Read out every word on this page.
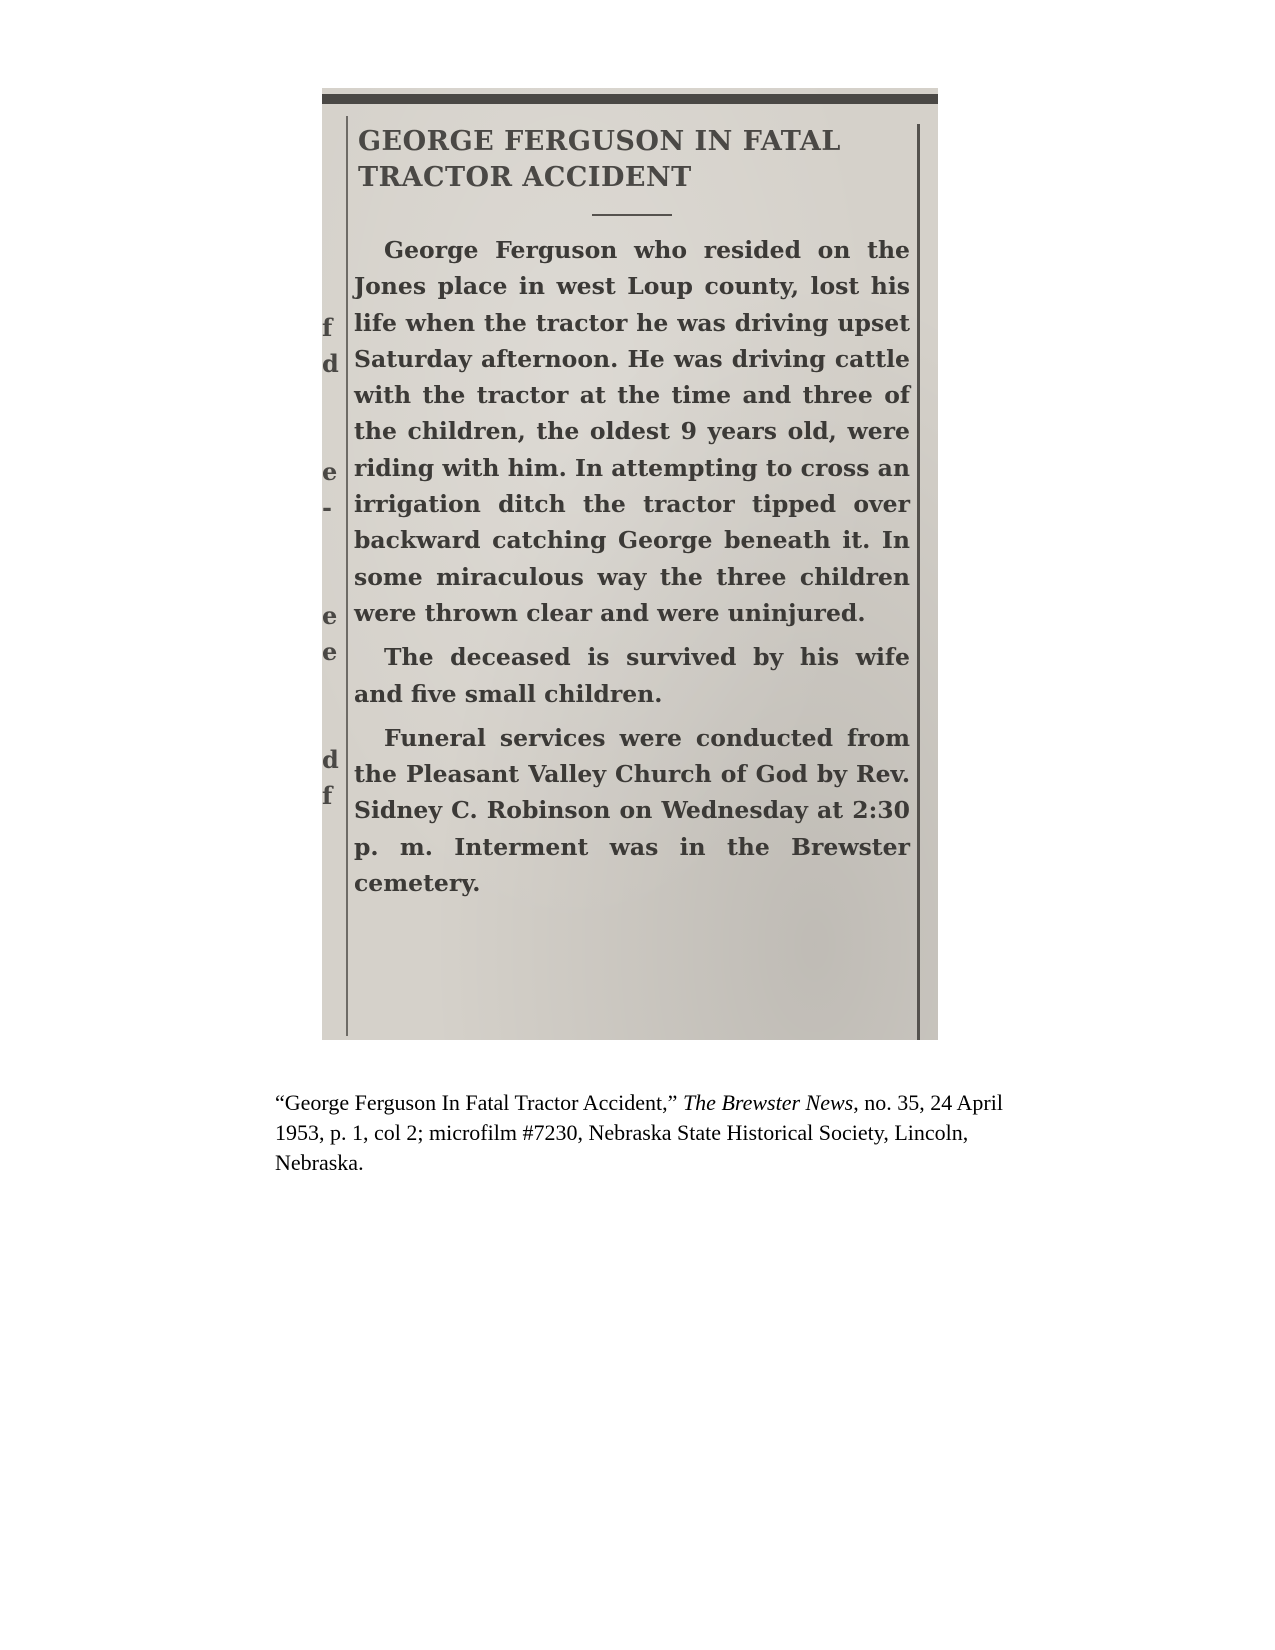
f
d

e
-

e
e

d
f

GEORGE FERGUSON IN FATAL TRACTOR ACCIDENT

George Ferguson who resided on the Jones place in west Loup county, lost his life when the tractor he was driving upset Saturday afternoon. He was driving cattle with the tractor at the time and three of the children, the oldest 9 years old, were riding with him. In attempting to cross an irrigation ditch the tractor tipped over backward catching George beneath it. In some miraculous way the three children were thrown clear and were uninjured.

The deceased is survived by his wife and five small children.

Funeral services were conducted from the Pleasant Valley Church of God by Rev. Sidney C. Robinson on Wednesday at 2:30 p. m. Interment was in the Brewster cemetery.

“George Ferguson In Fatal Tractor Accident,” The Brewster News, no. 35, 24 April 1953, p. 1, col 2; microfilm #7230, Nebraska State Historical Society, Lincoln, Nebraska.
